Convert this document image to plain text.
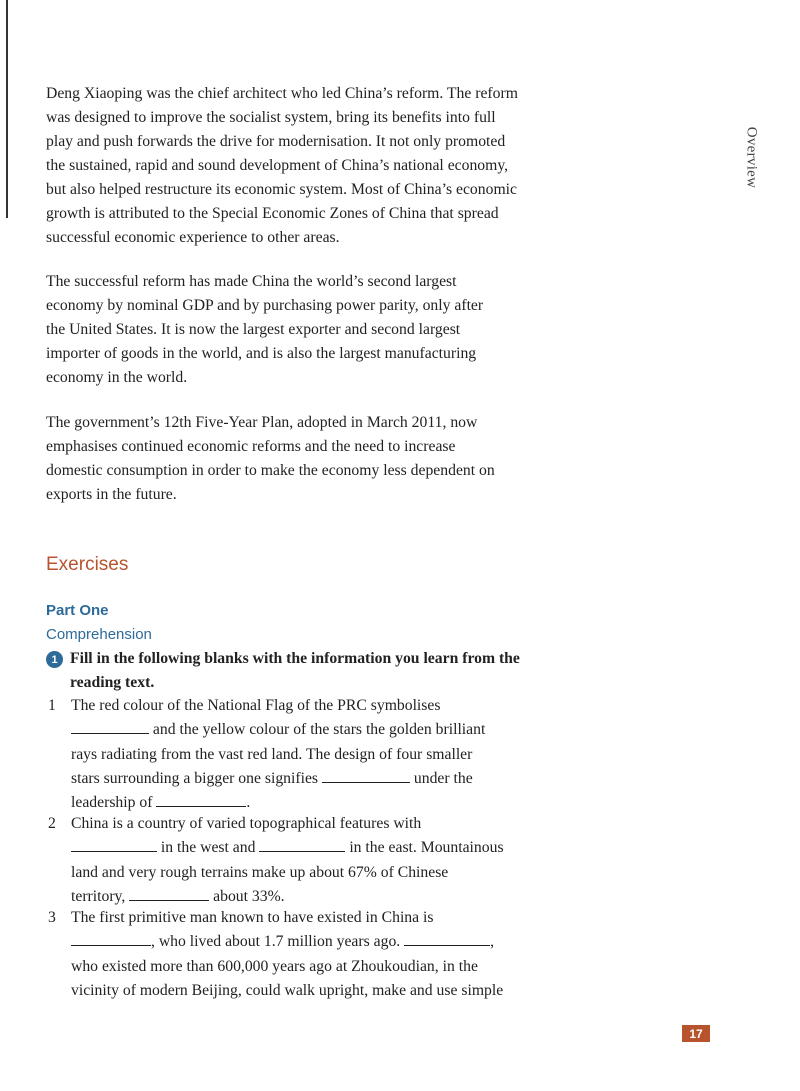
Overview
Deng Xiaoping was the chief architect who led China’s reform. The reform
was designed to improve the socialist system, bring its benefits into full
play and push forwards the drive for modernisation. It not only promoted
the sustained, rapid and sound development of China’s national economy,
but also helped restructure its economic system. Most of China’s economic
growth is attributed to the Special Economic Zones of China that spread
successful economic experience to other areas.
The successful reform has made China the world’s second largest
economy by nominal GDP and by purchasing power parity, only after
the United States. It is now the largest exporter and second largest
importer of goods in the world, and is also the largest manufacturing
economy in the world.
The government’s 12th Five-Year Plan, adopted in March 2011, now
emphasises continued economic reforms and the need to increase
domestic consumption in order to make the economy less dependent on
exports in the future.
Exercises
Part One
Comprehension
1 Fill in the following blanks with the information you learn from the
reading text.
1 The red colour of the National Flag of the PRC symbolises
and the yellow colour of the stars the golden brilliant
rays radiating from the vast red land. The design of four smaller
stars surrounding a bigger one signifies	under the
leadership of	.
2 China is a country of varied topographical features with
in the west and	in the east. Mountainous
land and very rough terrains make up about 67% of Chinese
territory,	about 33%.
3 The first primitive man known to have existed in China is
, who lived about 1.7 million years ago.	,
who existed more than 600,000 years ago at Zhoukoudian, in the
vicinity of modern Beijing, could walk upright, make and use simple
17
